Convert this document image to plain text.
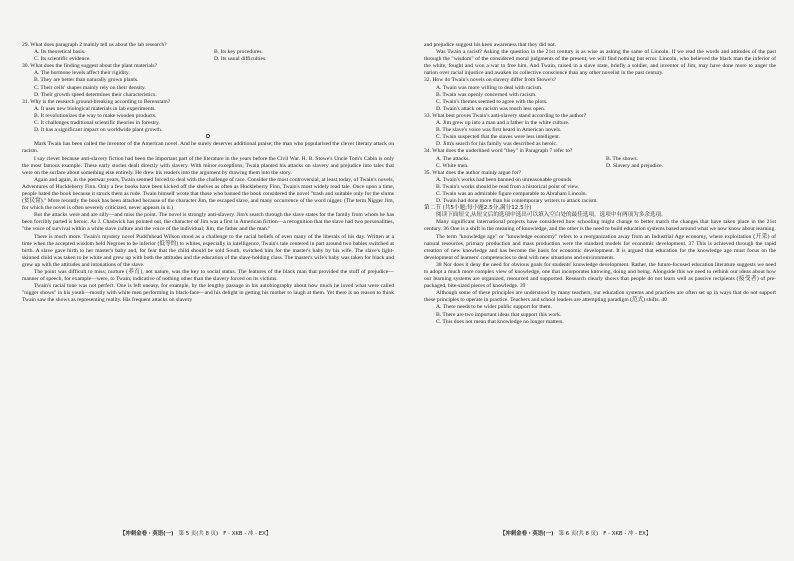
29. What does paragraph 2 mainly tell us about the lab research?

A. Its theoretical basis.	B. Its key procedures.

C. Its scientific evidence.	D. Its usual difficulties.

30. What does the finding suggest about the plant materials?

A. The hormone levels affect their rigidity.

B. They are better than naturally grown plants.

C. Their cells' shapes mainly rely on their density.

D. Their growth speed determines their characteristics.

31. Why is the research ground-breaking according to Berenstam?

A. It uses new biological materials in lab experiments.

B. It revolutionizes the way to make wooden products.

C. It challenges traditional scientific theories in forestry.

D. It has a significant impact on worldwide plant growth.

D

Mark Twain has been called the inventor of the American novel. And he surely deserves additional praise; the man who popularised the clever literary attack on racism.

I say clever because anti-slavery fiction had been the important part of the literature in the years before the Civil War. H. B. Stowe's Uncle Tom's Cabin is only the most famous example. These early stories dealt directly with slavery. With minor exceptions, Twain planted his attacks on slavery and prejudice into tales that were on the surface about something else entirely. He drew his readers into the argument by drawing them into the story.

Again and again, in the postwar years, Twain seemed forced to deal with the challenge of race. Consider the most controversial, at least today, of Twain's novels, Adventures of Huckleberry Finn. Only a few books have been kicked off the shelves as often as Huckleberry Finn, Twain's most widely read tale. Once upon a time, people hated the book because it struck them as rude. Twain himself wrote that those who banned the book considered the novel "trash and suitable only for the slums (贫民窟)." More recently the book has been attacked because of the character Jim, the escaped slave, and many occurrence of the word nigger. (The term Nigger Jim, for which the novel is often severely criticized, never appears in it.)

But the attacks were and are silly—and miss the point. The novel is strongly anti-slavery. Jim's search through the slave states for the family from whom he has been forcibly parted is heroic. As J. Chadwick has pointed out, the character of Jim was a first in American fiction—a recognition that the slave had two personalities, "the voice of survival within a white slave culture and the voice of the individual; Jim, the father and the man."

There is much more. Twain's mystery novel Pudd'nhead Wilson stood as a challenge to the racial beliefs of even many of the liberals of his day. Written at a time when the accepted wisdom held Negroes to be inferior (低等的) to whites, especially in intelligence, Twain's tale centered in part around two babies switched at birth. A slave gave birth to her master's baby and, for fear that the child should be sold South, switched him for the master's baby by his wife. The slave's light-skinned child was taken to be white and grew up with both the attitudes and the education of the slave-holding class. The master's wife's baby was taken for black and grew up with the attitudes and intonations of the slave.

The point was difficult to miss; nurture (养育), not nature, was the key to social status. The features of the black man that provided the stuff of prejudice—manner of speech, for example—were, to Twain, indicative of nothing other than the slavery forced on its victims.

Twain's racial tone was not perfect. One is left uneasy, for example, by the lengthy passage in his autobiography about how much he loved what were called "nigger shows" in his youth—mostly with white men performing in black-face—and his delight in getting his mother to laugh at them. Yet there is no reason to think Twain saw the shows as representing reality. His frequent attacks on slavery

and prejudice suggest his keen awareness that they did not.

Was Twain a racist? Asking the question in the 21st century is as wise as asking the same of Lincoln. If we read the words and attitudes of the past through the "wisdom" of the considered moral judgments of the present, we will find nothing but error. Lincoln, who believed the black man the inferior of the white, fought and won a war to free him. And Twain, raised in a slave state, briefly a soldier, and inventor of Jim, may have done more to anger the nation over racial injustice and awaken its collective conscience than any other novelist in the past century.

32. How do Twain's novels on slavery differ from Stowe's?

A. Twain was more willing to deal with racism.

B. Twain was openly concerned with racism.

C. Twain's themes seemed to agree with the plots.

D. Twain's attack on racism was much less open.

33. What best proves Twain's anti-slavery stand according to the author?

A. Jim grew up into a man and a father in the white culture.

B. The slave's voice was first heard in American novels.

C. Twain suspected that the slaves were less intelligent.

D. Jim's search for his family was described as heroic.

34. What does the underlined word "they" in Paragraph 7 refer to?

A. The attacks.	B. The shows.

C. White men.	D. Slavery and prejudice.

35. What does the author mainly argue for?

A. Twain's works had been banned on unreasonable grounds.

B. Twain's works should be read from a historical point of view.

C. Twain was an admirable figure comparable to Abraham Lincoln.

D. Twain had done more than his contemporary writers to attack racism.

第二节 (共5小题;每小题2.5分,满分12.5分)

阅读下面短文,从短文后的选项中选出可以填入空白处的最佳选项。选项中有两项为多余选项。

Many significant international projects have considered how schooling might change to better match the changes that have taken place in the 21st century. 36 One is a shift in the meaning of knowledge, and the other is the need to build education systems based around what we now know about learning.

The term "knowledge age" or "knowledge economy" refers to a reorganization away from an Industrial Age economy, where exploitation (开采) of natural resources, primary production and mass production were the standard models for economic development. 37 This is achieved through the rapid creation of new knowledge and has become the basis for economic development. It is argued that education for the knowledge age must focus on the development of learners' competencies to deal with new situations and environments.

38 Nor does it deny the need for obvious goals for students' knowledge development. Rather, the future-focused education literature suggests we need to adopt a much more complex view of knowledge, one that incorporates knowing, doing and being. Alongside this we need to rethink our ideas about how our learning systems are organized, resourced and supported. Research clearly shows that people do not learn well as passive recipients (接受者) of pre-packaged, bite-sized pieces of knowledge. 39

Although some of these principles are understood by many teachers, our education systems and practices are often set up in ways that do not support these principles to operate in practice. Teachers and school leaders are attempting paradigm (范式) shifts. 40

A. There needs to be wider public support for them.

B. There are two important ideas that support this work.

C. This does not mean that knowledge no longer matters.

【冲刺金卷・英语(一) 第 5 页(共 8 页) F - XKB - 冲 - EX】	【冲刺金卷・英语(一) 第 6 页(共 8 页) F - XKB - 冲 - EX】
